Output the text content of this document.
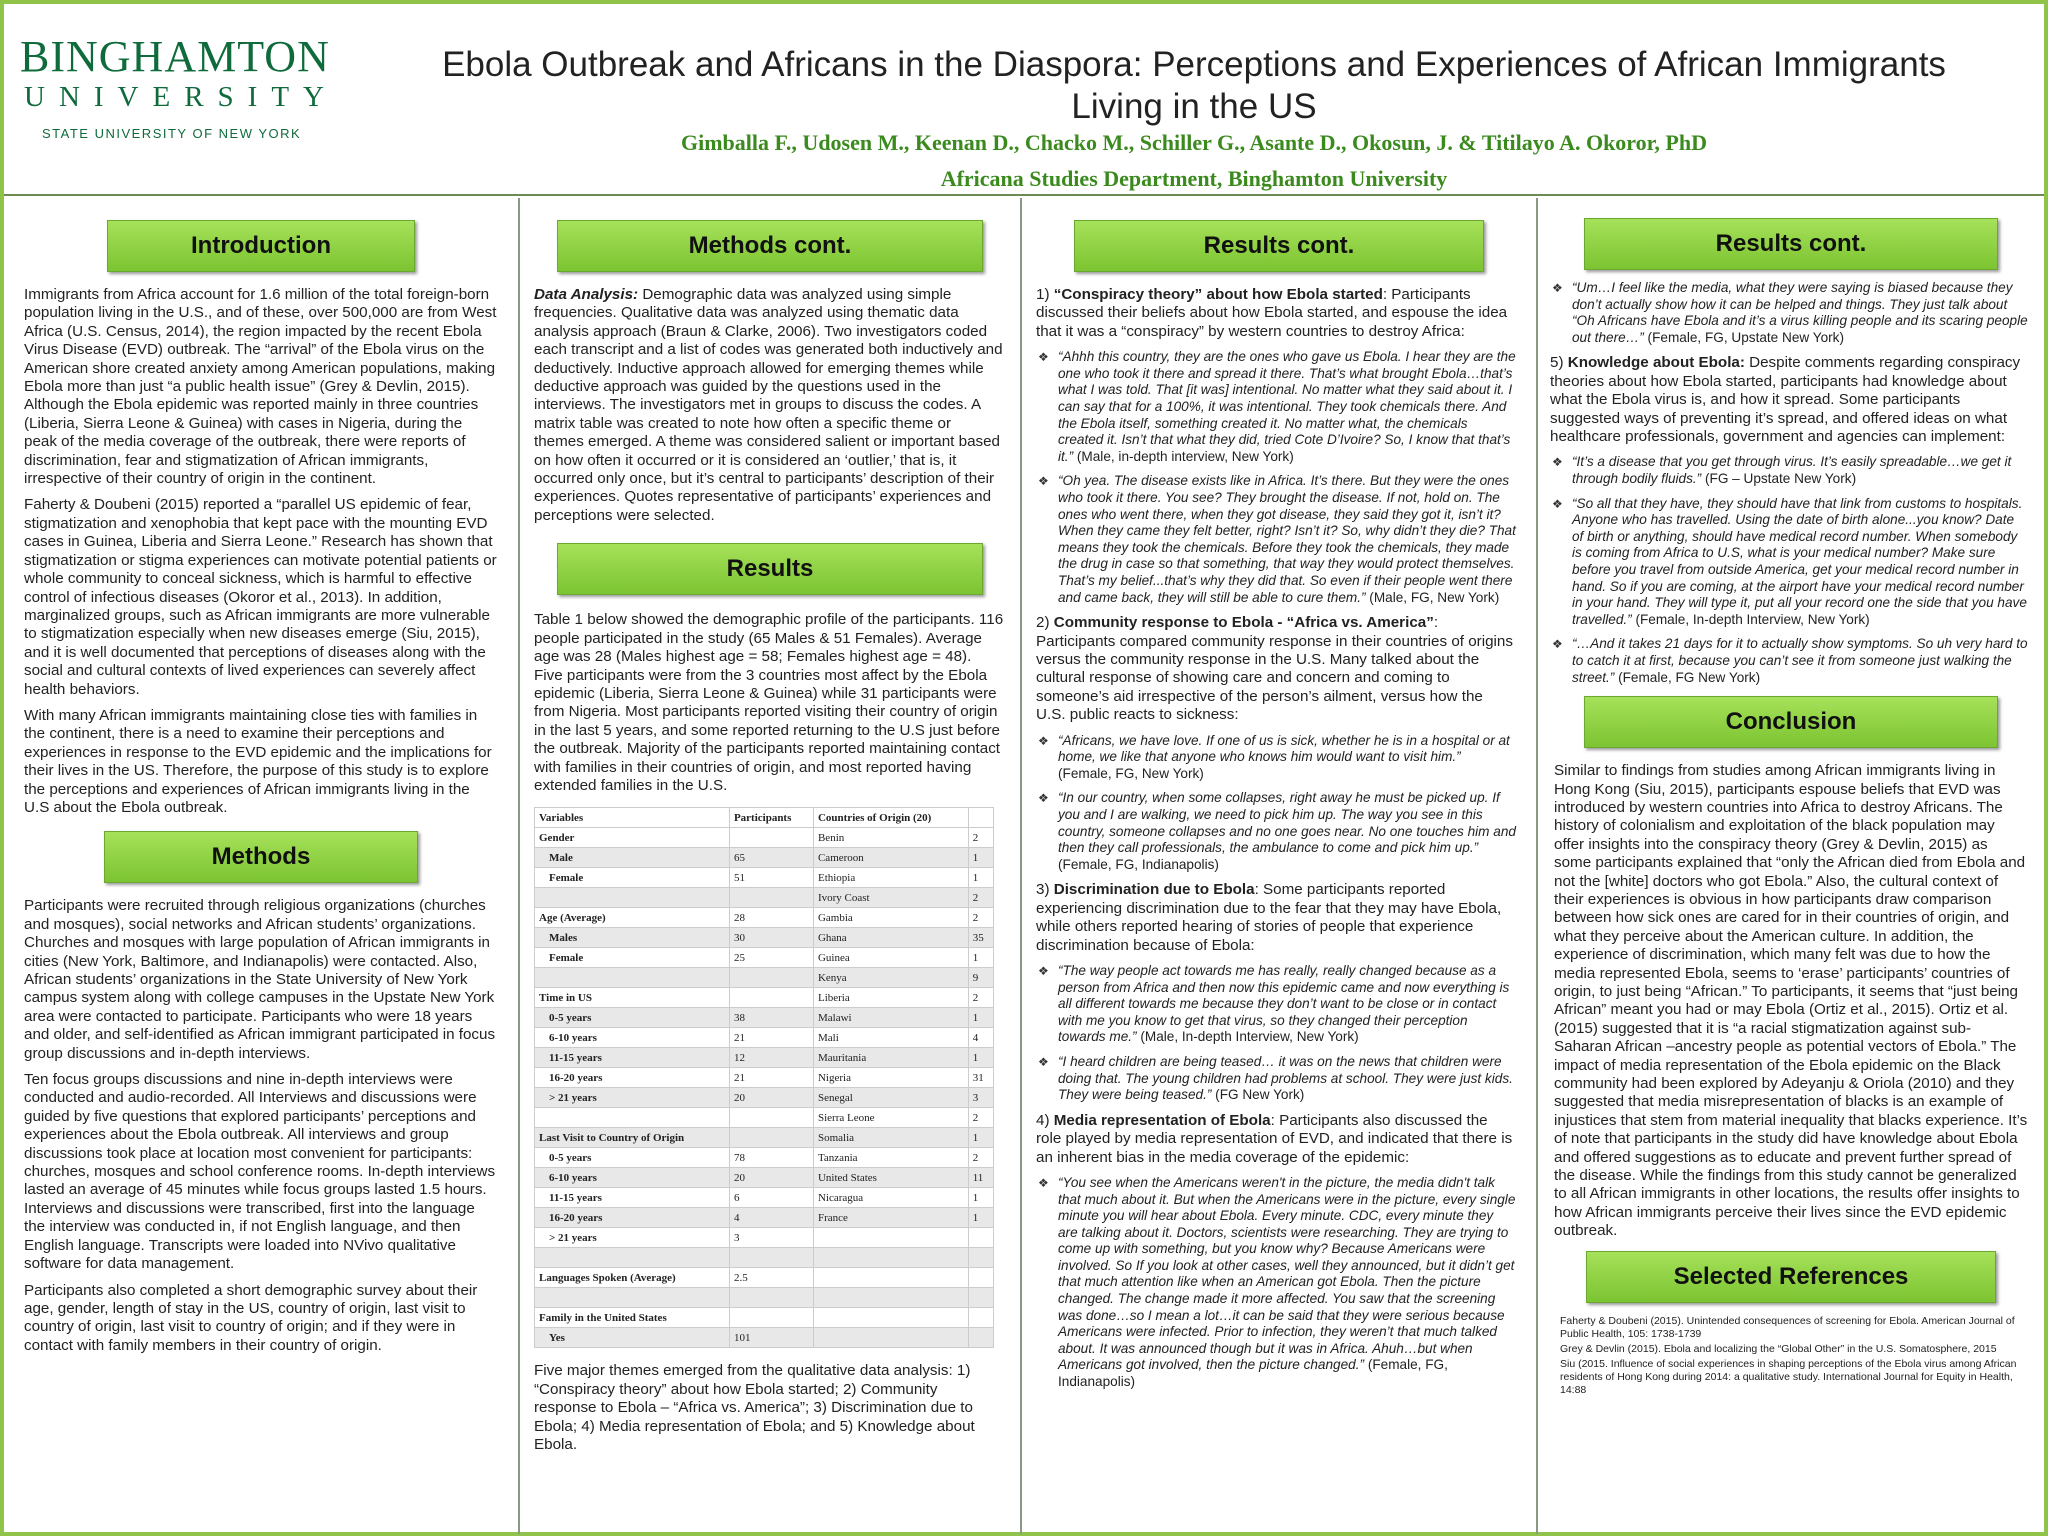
BINGHAMTON
UNIVERSITY
STATE UNIVERSITY OF NEW YORK
Ebola Outbreak and Africans in the Diaspora: Perceptions and Experiences of African Immigrants Living in the US
Gimballa F., Udosen M., Keenan D., Chacko M., Schiller G., Asante D., Okosun, J. & Titilayo A. Okoror, PhD
Africana Studies Department, Binghamton University
Introduction

Immigrants from Africa account for 1.6 million of the total foreign-born population living in the U.S., and of these, over 500,000 are from West Africa (U.S. Census, 2014), the region impacted by the recent Ebola Virus Disease (EVD) outbreak. The “arrival” of the Ebola virus on the American shore created anxiety among American populations, making Ebola more than just “a public health issue” (Grey & Devlin, 2015). Although the Ebola epidemic was reported mainly in three countries (Liberia, Sierra Leone & Guinea) with cases in Nigeria, during the peak of the media coverage of the outbreak, there were reports of discrimination, fear and stigmatization of African immigrants, irrespective of their country of origin in the continent.

Faherty & Doubeni (2015) reported a “parallel US epidemic of fear, stigmatization and xenophobia that kept pace with the mounting EVD cases in Guinea, Liberia and Sierra Leone.” Research has shown that stigmatization or stigma experiences can motivate potential patients or whole community to conceal sickness, which is harmful to effective control of infectious diseases (Okoror et al., 2013). In addition, marginalized groups, such as African immigrants are more vulnerable to stigmatization especially when new diseases emerge (Siu, 2015), and it is well documented that perceptions of diseases along with the social and cultural contexts of lived experiences can severely affect health behaviors.

With many African immigrants maintaining close ties with families in the continent, there is a need to examine their perceptions and experiences in response to the EVD epidemic and the implications for their lives in the US. Therefore, the purpose of this study is to explore the perceptions and experiences of African immigrants living in the U.S about the Ebola outbreak.

Methods

Participants were recruited through religious organizations (churches and mosques), social networks and African students’ organizations. Churches and mosques with large population of African immigrants in cities (New York, Baltimore, and Indianapolis) were contacted. Also, African students’ organizations in the State University of New York campus system along with college campuses in the Upstate New York area were contacted to participate. Participants who were 18 years and older, and self-identified as African immigrant participated in focus group discussions and in-depth interviews.

Ten focus groups discussions and nine in-depth interviews were conducted and audio-recorded. All Interviews and discussions were guided by five questions that explored participants’ perceptions and experiences about the Ebola outbreak. All interviews and group discussions took place at location most convenient for participants: churches, mosques and school conference rooms. In-depth interviews lasted an average of 45 minutes while focus groups lasted 1.5 hours. Interviews and discussions were transcribed, first into the language the interview was conducted in, if not English language, and then English language. Transcripts were loaded into NVivo qualitative software for data management.

Participants also completed a short demographic survey about their age, gender, length of stay in the US, country of origin, last visit to country of origin, last visit to country of origin; and if they were in contact with family members in their country of origin.

Methods cont.

Data Analysis: Demographic data was analyzed using simple frequencies. Qualitative data was analyzed using thematic data analysis approach (Braun & Clarke, 2006). Two investigators coded each transcript and a list of codes was generated both inductively and deductively. Inductive approach allowed for emerging themes while deductive approach was guided by the questions used in the interviews. The investigators met in groups to discuss the codes. A matrix table was created to note how often a specific theme or themes emerged. A theme was considered salient or important based on how often it occurred or it is considered an ‘outlier,’ that is, it occurred only once, but it’s central to participants’ description of their experiences. Quotes representative of participants’ experiences and perceptions were selected.

Results

Table 1 below showed the demographic profile of the participants. 116 people participated in the study (65 Males & 51 Females). Average age was 28 (Males highest age = 58; Females highest age = 48). Five participants were from the 3 countries most affect by the Ebola epidemic (Liberia, Sierra Leone & Guinea) while 31 participants were from Nigeria. Most participants reported visiting their country of origin in the last 5 years, and some reported returning to the U.S just before the outbreak. Majority of the participants reported maintaining contact with families in their countries of origin, and most reported having extended families in the U.S.

Variables	Participants	Countries of Origin (20)	
Gender		Benin	2
Male	65	Cameroon	1
Female	51	Ethiopia	1
		Ivory Coast	2
Age (Average)	28	Gambia	2
Males	30	Ghana	35
Female	25	Guinea	1
		Kenya	9
Time in US		Liberia	2
0-5 years	38	Malawi	1
6-10 years	21	Mali	4
11-15 years	12	Mauritania	1
16-20 years	21	Nigeria	31
> 21 years	20	Senegal	3
		Sierra Leone	2
Last Visit to Country of Origin		Somalia	1
0-5 years	78	Tanzania	2
6-10 years	20	United States	11
11-15 years	6	Nicaragua	1
16-20 years	4	France	1
> 21 years	3		

Languages Spoken (Average)	2.5		

Family in the United States			
Yes	101		

Five major themes emerged from the qualitative data analysis: 1) “Conspiracy theory” about how Ebola started; 2) Community response to Ebola – “Africa vs. America”; 3) Discrimination due to Ebola; 4) Media representation of Ebola; and 5) Knowledge about Ebola.

Results cont.

1) “Conspiracy theory” about how Ebola started: Participants discussed their beliefs about how Ebola started, and espouse the idea that it was a “conspiracy” by western countries to destroy Africa:

❖ “Ahhh this country, they are the ones who gave us Ebola. I hear they are the one who took it there and spread it there. That’s what brought Ebola…that’s what I was told. That [it was] intentional. No matter what they said about it. I can say that for a 100%, it was intentional. They took chemicals there. And the Ebola itself, something created it. No matter what, the chemicals created it. Isn’t that what they did, tried Cote D’Ivoire? So, I know that that’s it.” (Male, in-depth interview, New York)
❖ “Oh yea. The disease exists like in Africa. It’s there. But they were the ones who took it there. You see? They brought the disease. If not, hold on. The ones who went there, when they got disease, they said they got it, isn’t it? When they came they felt better, right? Isn’t it? So, why didn’t they die? That means they took the chemicals. Before they took the chemicals, they made the drug in case so that something, that way they would protect themselves. That’s my belief...that’s why they did that. So even if their people went there and came back, they will still be able to cure them.” (Male, FG, New York)

2) Community response to Ebola - “Africa vs. America”: Participants compared community response in their countries of origins versus the community response in the U.S. Many talked about the cultural response of showing care and concern and coming to someone’s aid irrespective of the person’s ailment, versus how the U.S. public reacts to sickness:

❖ “Africans, we have love. If one of us is sick, whether he is in a hospital or at home, we like that anyone who knows him would want to visit him.” (Female, FG, New York)
❖ “In our country, when some collapses, right away he must be picked up. If you and I are walking, we need to pick him up. The way you see in this country, someone collapses and no one goes near. No one touches him and then they call professionals, the ambulance to come and pick him up.” (Female, FG, Indianapolis)

3) Discrimination due to Ebola: Some participants reported experiencing discrimination due to the fear that they may have Ebola, while others reported hearing of stories of people that experience discrimination because of Ebola:

❖ “The way people act towards me has really, really changed because as a person from Africa and then now this epidemic came and now everything is all different towards me because they don’t want to be close or in contact with me you know to get that virus, so they changed their perception towards me.” (Male, In-depth Interview, New York)
❖ “I heard children are being teased… it was on the news that children were doing that. The young children had problems at school. They were just kids. They were being teased.” (FG New York)

4) Media representation of Ebola: Participants also discussed the role played by media representation of EVD, and indicated that there is an inherent bias in the media coverage of the epidemic:

❖ “You see when the Americans weren't in the picture, the media didn't talk that much about it. But when the Americans were in the picture, every single minute you will hear about Ebola. Every minute. CDC, every minute they are talking about it. Doctors, scientists were researching. They are trying to come up with something, but you know why? Because Americans were involved. So If you look at other cases, well they announced, but it didn’t get that much attention like when an American got Ebola. Then the picture changed. The change made it more affected. You saw that the screening was done…so I mean a lot…it can be said that they were serious because Americans were infected. Prior to infection, they weren’t that much talked about. It was announced though but it was in Africa. Ahuh…but when Americans got involved, then the picture changed.” (Female, FG, Indianapolis)
Results cont.
❖ “Um…I feel like the media, what they were saying is biased because they don’t actually show how it can be helped and things. They just talk about “Oh Africans have Ebola and it’s a virus killing people and its scaring people out there…” (Female, FG, Upstate New York)

5) Knowledge about Ebola: Despite comments regarding conspiracy theories about how Ebola started, participants had knowledge about what the Ebola virus is, and how it spread. Some participants suggested ways of preventing it’s spread, and offered ideas on what healthcare professionals, government and agencies can implement:

❖ “It’s a disease that you get through virus. It’s easily spreadable…we get it through bodily fluids.” (FG – Upstate New York)
❖ “So all that they have, they should have that link from customs to hospitals. Anyone who has travelled. Using the date of birth alone...you know? Date of birth or anything, should have medical record number. When somebody is coming from Africa to U.S, what is your medical number? Make sure before you travel from outside America, get your medical record number in hand. So if you are coming, at the airport have your medical record number in your hand. They will type it, put all your record one the side that you have travelled.” (Female, In-depth Interview, New York)
❖ “…And it takes 21 days for it to actually show symptoms. So uh very hard to to catch it at first, because you can’t see it from someone just walking the street.” (Female, FG New York)
Conclusion

Similar to findings from studies among African immigrants living in Hong Kong (Siu, 2015), participants espouse beliefs that EVD was introduced by western countries into Africa to destroy Africans. The history of colonialism and exploitation of the black population may offer insights into the conspiracy theory (Grey & Devlin, 2015) as some participants explained that “only the African died from Ebola and not the [white] doctors who got Ebola.” Also, the cultural context of their experiences is obvious in how participants draw comparison between how sick ones are cared for in their countries of origin, and what they perceive about the American culture. In addition, the experience of discrimination, which many felt was due to how the media represented Ebola, seems to ‘erase’ participants’ countries of origin, to just being “African.” To participants, it seems that “just being African” meant you had or may Ebola (Ortiz et al., 2015). Ortiz et al. (2015) suggested that it is “a racial stigmatization against sub-Saharan African –ancestry people as potential vectors of Ebola.” The impact of media representation of the Ebola epidemic on the Black community had been explored by Adeyanju & Oriola (2010) and they suggested that media misrepresentation of blacks is an example of injustices that stem from material inequality that blacks experience. It’s of note that participants in the study did have knowledge about Ebola and offered suggestions as to educate and prevent further spread of the disease. While the findings from this study cannot be generalized to all African immigrants in other locations, the results offer insights to how African immigrants perceive their lives since the EVD epidemic outbreak.

Selected References

Faherty & Doubeni (2015). Unintended consequences of screening for Ebola. American Journal of Public Health, 105: 1738-1739

Grey & Devlin (2015). Ebola and localizing the “Global Other” in the U.S. Somatosphere, 2015

Siu (2015. Influence of social experiences in shaping perceptions of the Ebola virus among African residents of Hong Kong during 2014: a qualitative study. International Journal for Equity in Health, 14:88
